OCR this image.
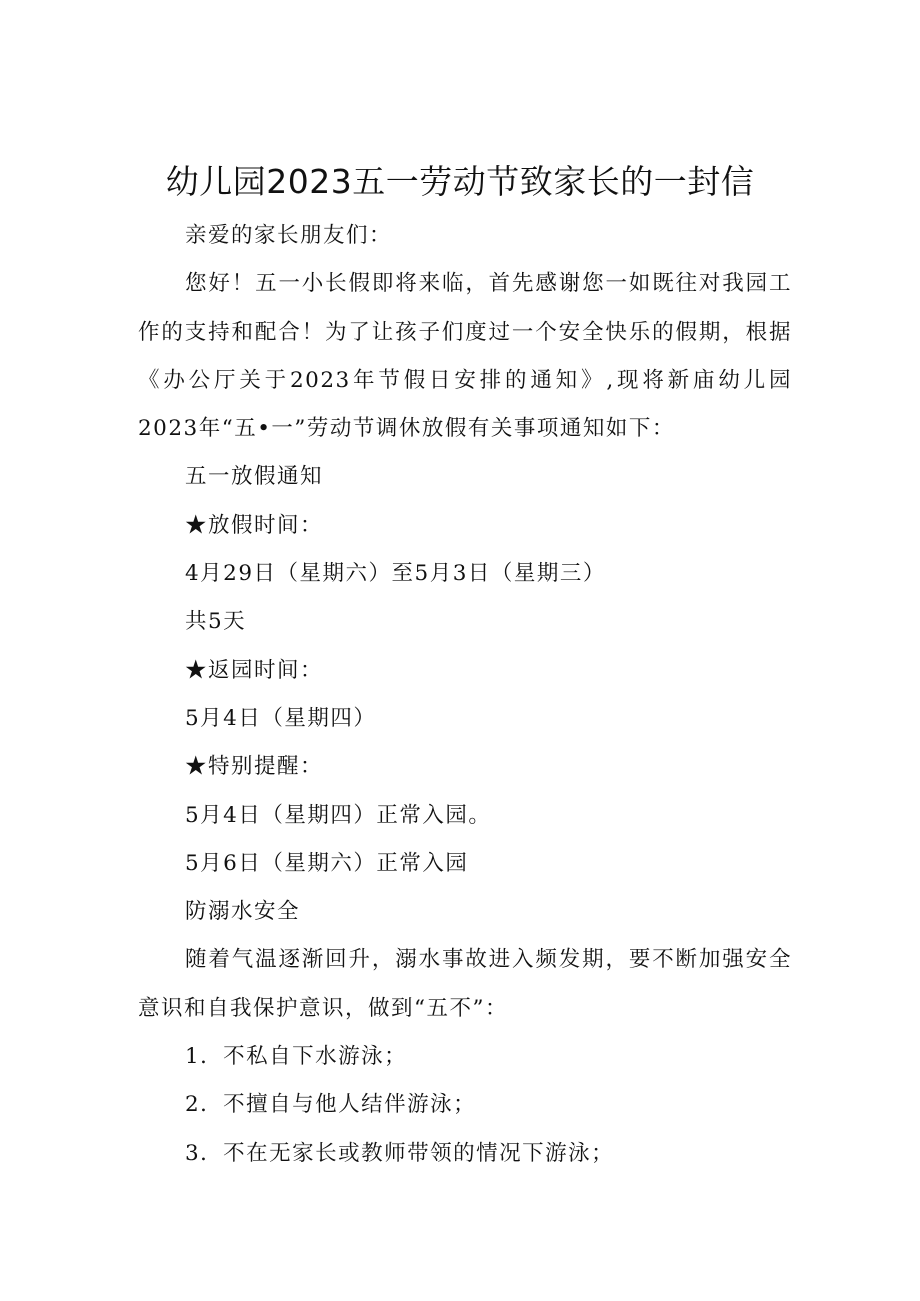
幼儿园2023五一劳动节致家长的一封信

亲爱的家长朋友们：

您好！五一小长假即将来临，首先感谢您一如既往对我园工作的支持和配合！为了让孩子们度过一个安全快乐的假期，根据《办公厅关于2023年节假日安排的通知》,现将新庙幼儿园2023年“五•一”劳动节调休放假有关事项通知如下：

五一放假通知

★放假时间：

4月29日（星期六）至5月3日（星期三）

共5天

★返园时间：

5月4日（星期四）

★特别提醒：

5月4日（星期四）正常入园。

5月6日（星期六）正常入园

防溺水安全

随着气温逐渐回升，溺水事故进入频发期，要不断加强安全意识和自我保护意识，做到“五不”：

1．不私自下水游泳；

2．不擅自与他人结伴游泳；

3．不在无家长或教师带领的情况下游泳；
